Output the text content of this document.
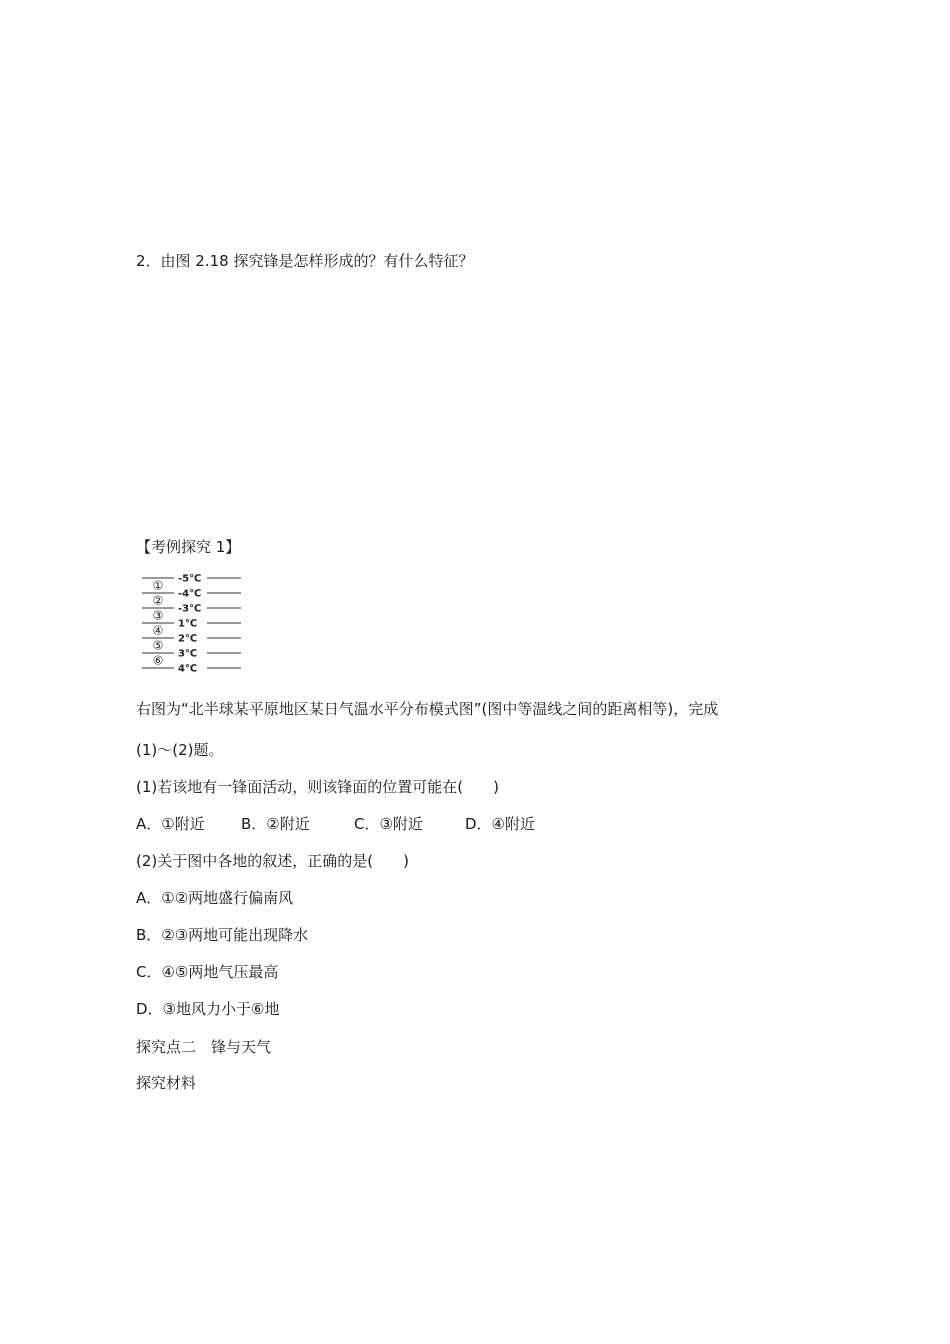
2．由图 2.18 探究锋是怎样形成的？有什么特征？
【考例探究 1】
-5℃
-4℃
-3℃
1℃
2℃
3℃
4℃
①
②
③
④
⑤
⑥
右图为“北半球某平原地区某日气温水平分布模式图”(图中等温线之间的距离相等)，完成
(1)～(2)题。
(1)若该地有一锋面活动，则该锋面的位置可能在(　　)
A．①附近 B．②附近	C．③附近	D．④附近
(2)关于图中各地的叙述，正确的是(　　)
A．①②两地盛行偏南风
B．②③两地可能出现降水
C．④⑤两地气压最高
D．③地风力小于⑥地
探究点二　锋与天气
探究材料
